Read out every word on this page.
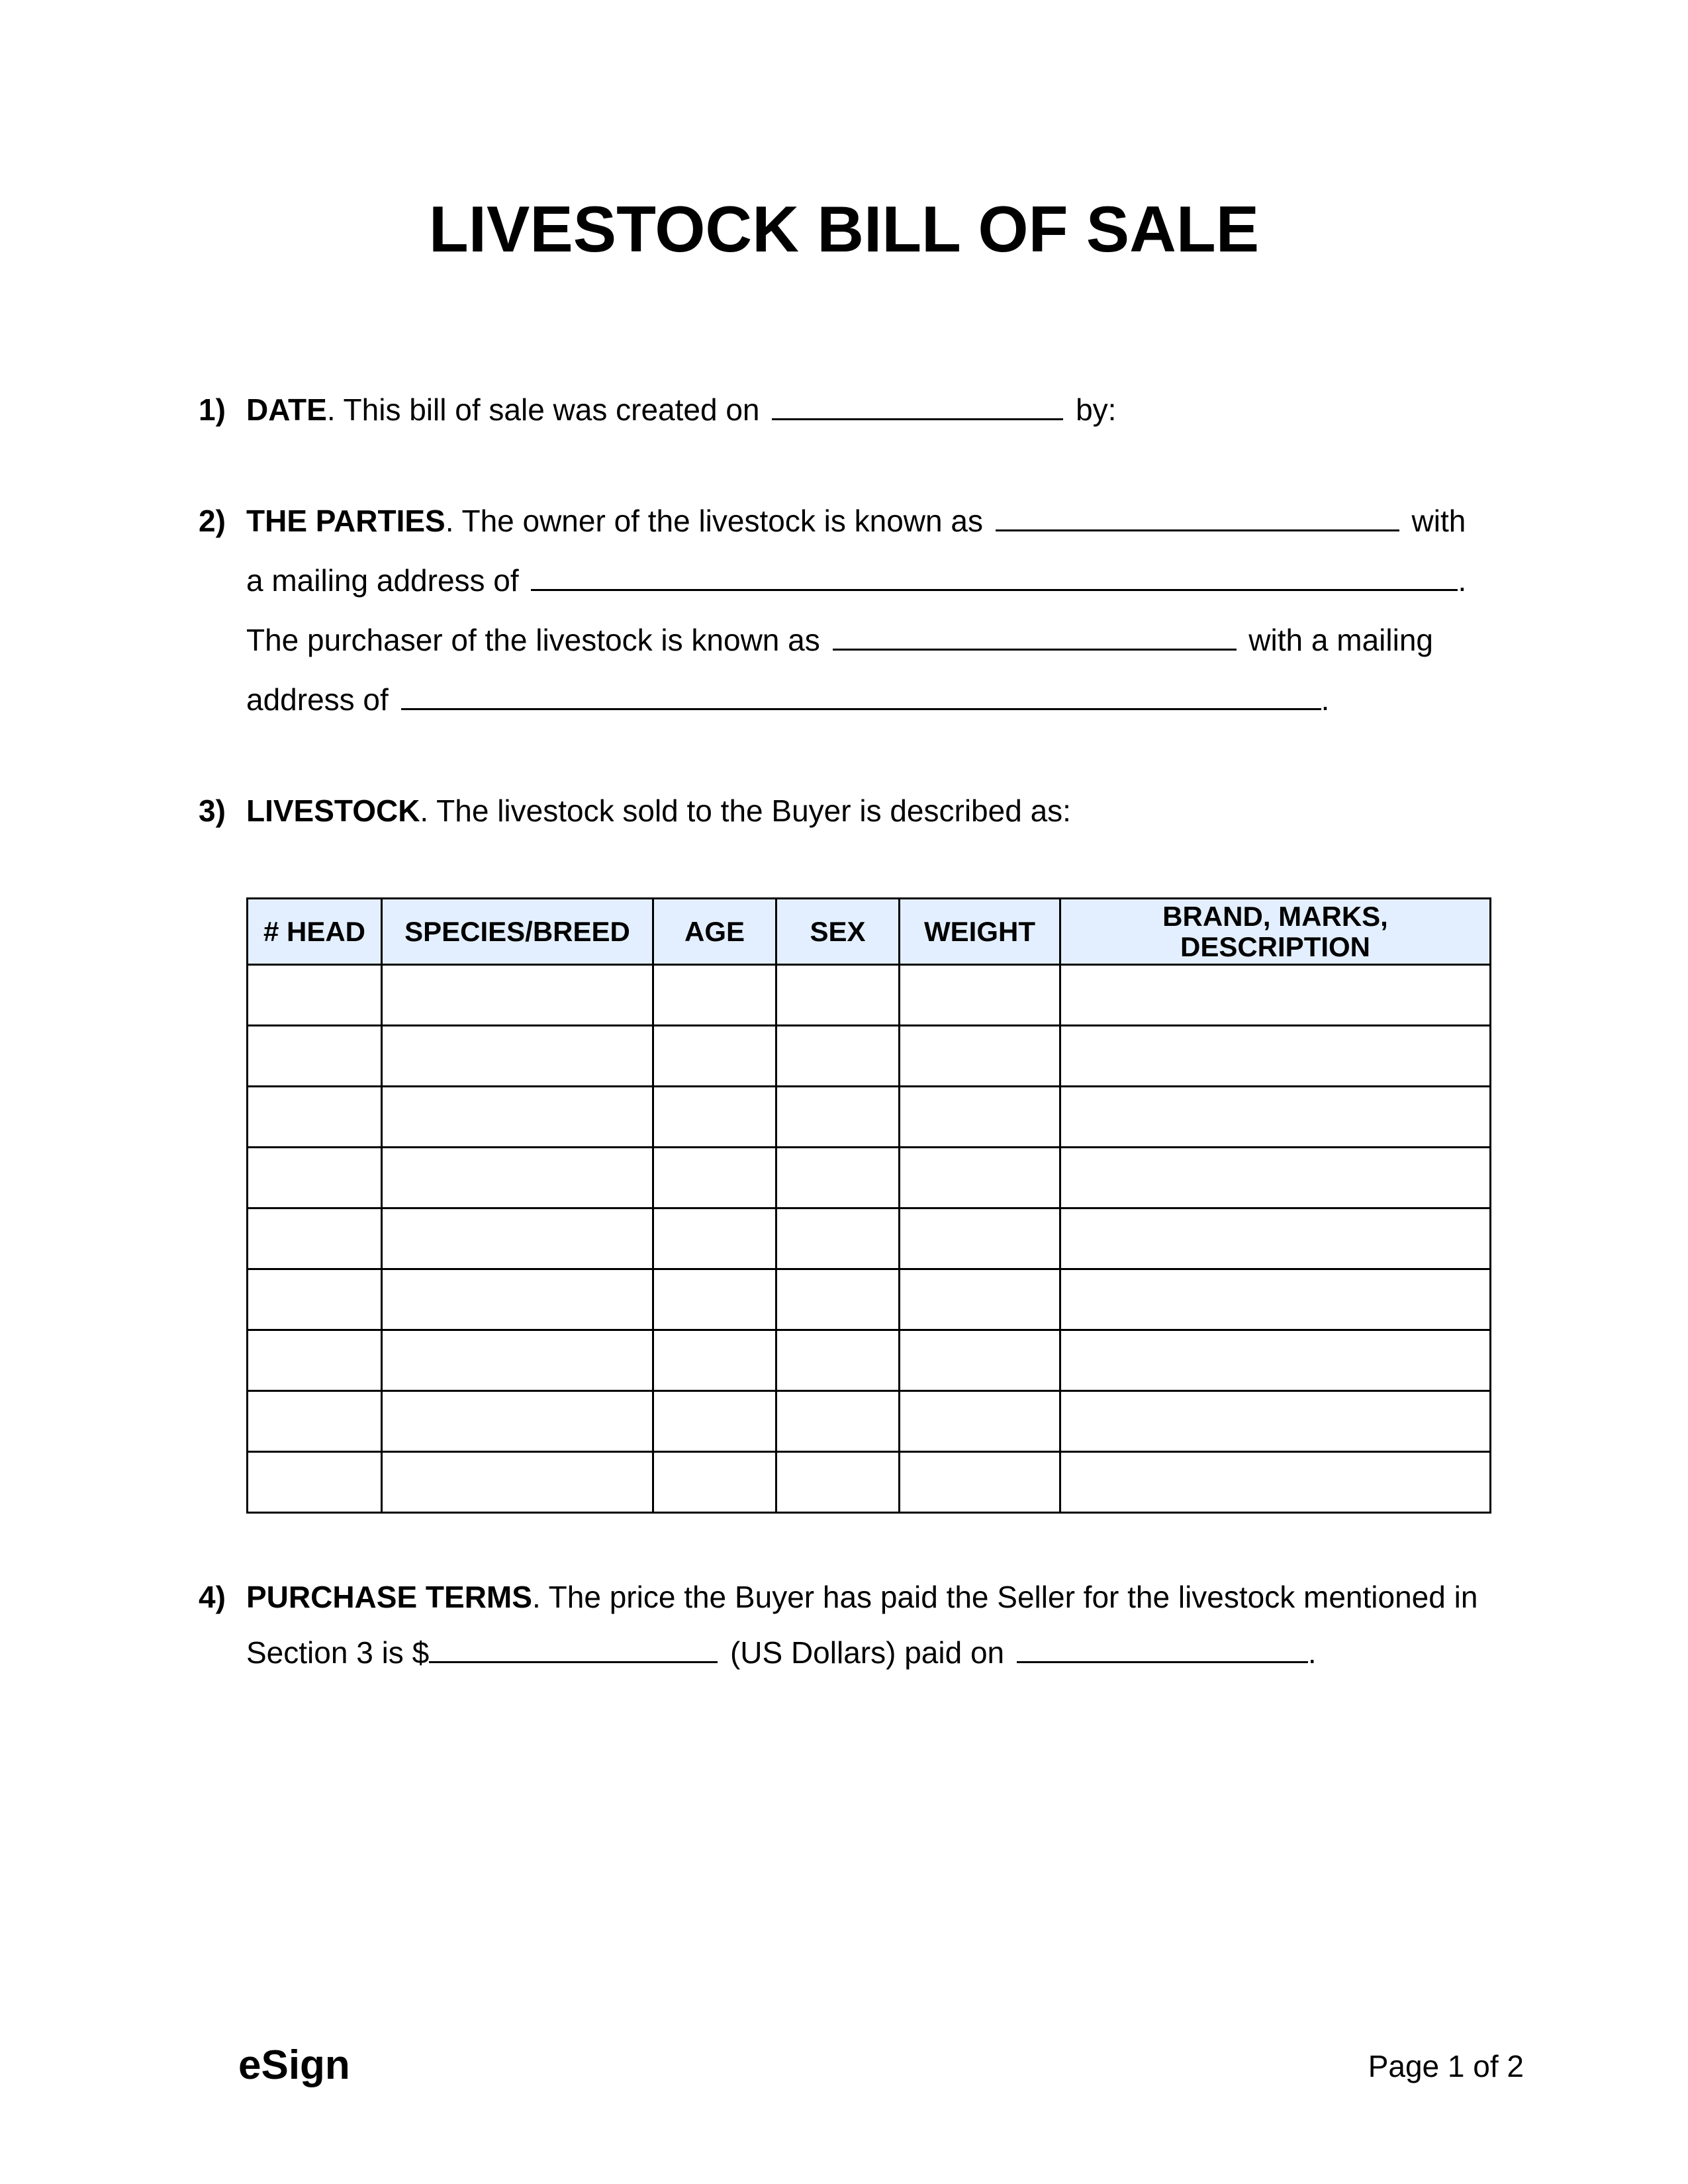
LIVESTOCK BILL OF SALE
1) DATE. This bill of sale was created on	by:
2) THE PARTIES. The owner of the livestock is known as	with
a mailing address of	.
The purchaser of the livestock is known as	with a mailing
address of	.
3) LIVESTOCK. The livestock sold to the Buyer is described as:
# HEAD	SPECIES/BREED	AGE	SEX	WEIGHT	BRAND, MARKS, DESCRIPTION

4) PURCHASE TERMS. The price the Buyer has paid the Seller for the livestock mentioned in
Section 3 is $	(US Dollars) paid on	.
eSign	Page 1 of 2
